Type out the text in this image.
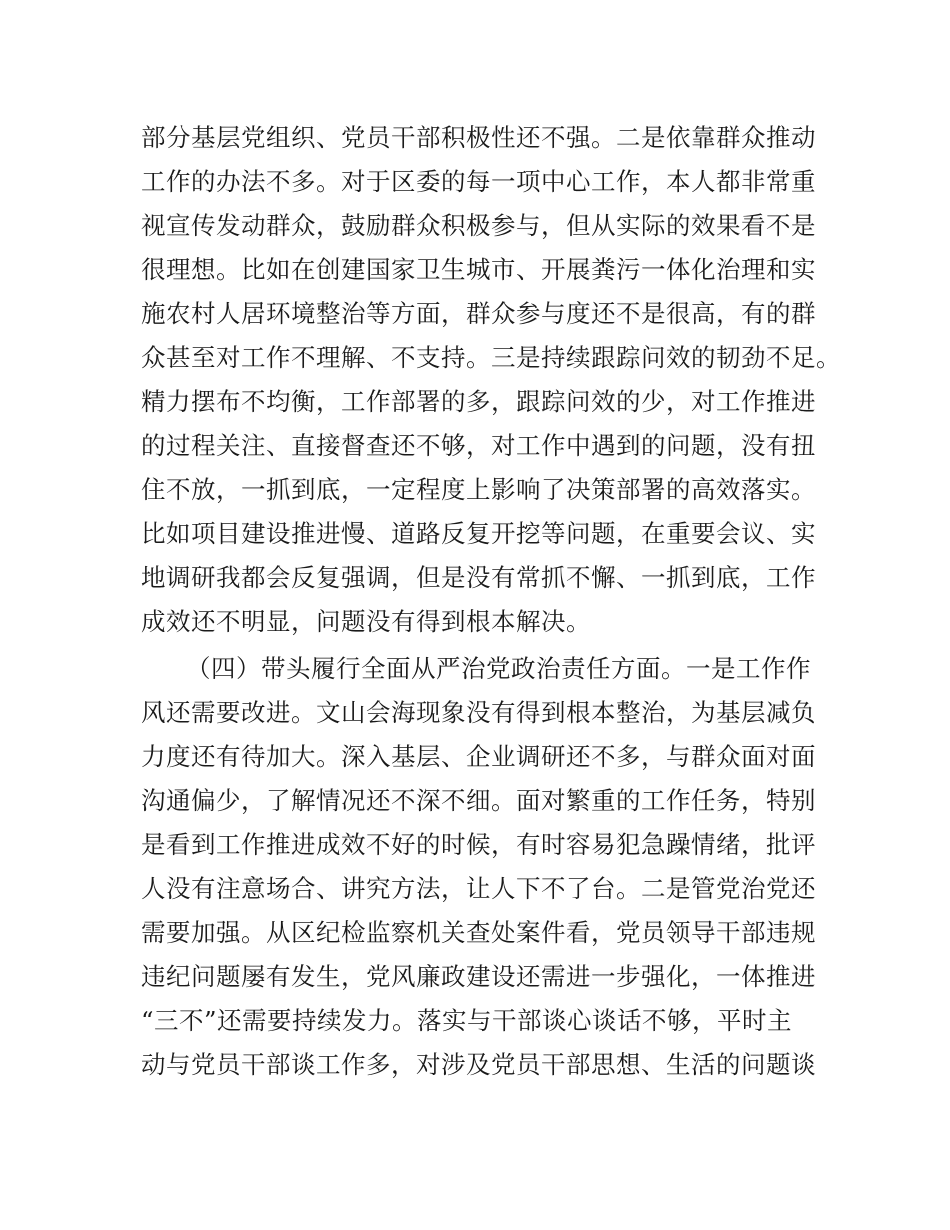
部分基层党组织、党员干部积极性还不强。二是依靠群众推动

工作的办法不多。对于区委的每一项中心工作，本人都非常重

视宣传发动群众，鼓励群众积极参与，但从实际的效果看不是

很理想。比如在创建国家卫生城市、开展粪污一体化治理和实

施农村人居环境整治等方面，群众参与度还不是很高，有的群

众甚至对工作不理解、不支持。三是持续跟踪问效的韧劲不足。

精力摆布不均衡，工作部署的多，跟踪问效的少，对工作推进

的过程关注、直接督查还不够，对工作中遇到的问题，没有扭

住不放，一抓到底，一定程度上影响了决策部署的高效落实。

比如项目建设推进慢、道路反复开挖等问题，在重要会议、实

地调研我都会反复强调，但是没有常抓不懈、一抓到底，工作

成效还不明显，问题没有得到根本解决。

（四）带头履行全面从严治党政治责任方面。一是工作作

风还需要改进。文山会海现象没有得到根本整治，为基层减负

力度还有待加大。深入基层、企业调研还不多，与群众面对面

沟通偏少，了解情况还不深不细。面对繁重的工作任务，特别

是看到工作推进成效不好的时候，有时容易犯急躁情绪，批评

人没有注意场合、讲究方法，让人下不了台。二是管党治党还

需要加强。从区纪检监察机关查处案件看，党员领导干部违规

违纪问题屡有发生，党风廉政建设还需进一步强化，一体推进

“三不”还需要持续发力。落实与干部谈心谈话不够，平时主

动与党员干部谈工作多，对涉及党员干部思想、生活的问题谈
